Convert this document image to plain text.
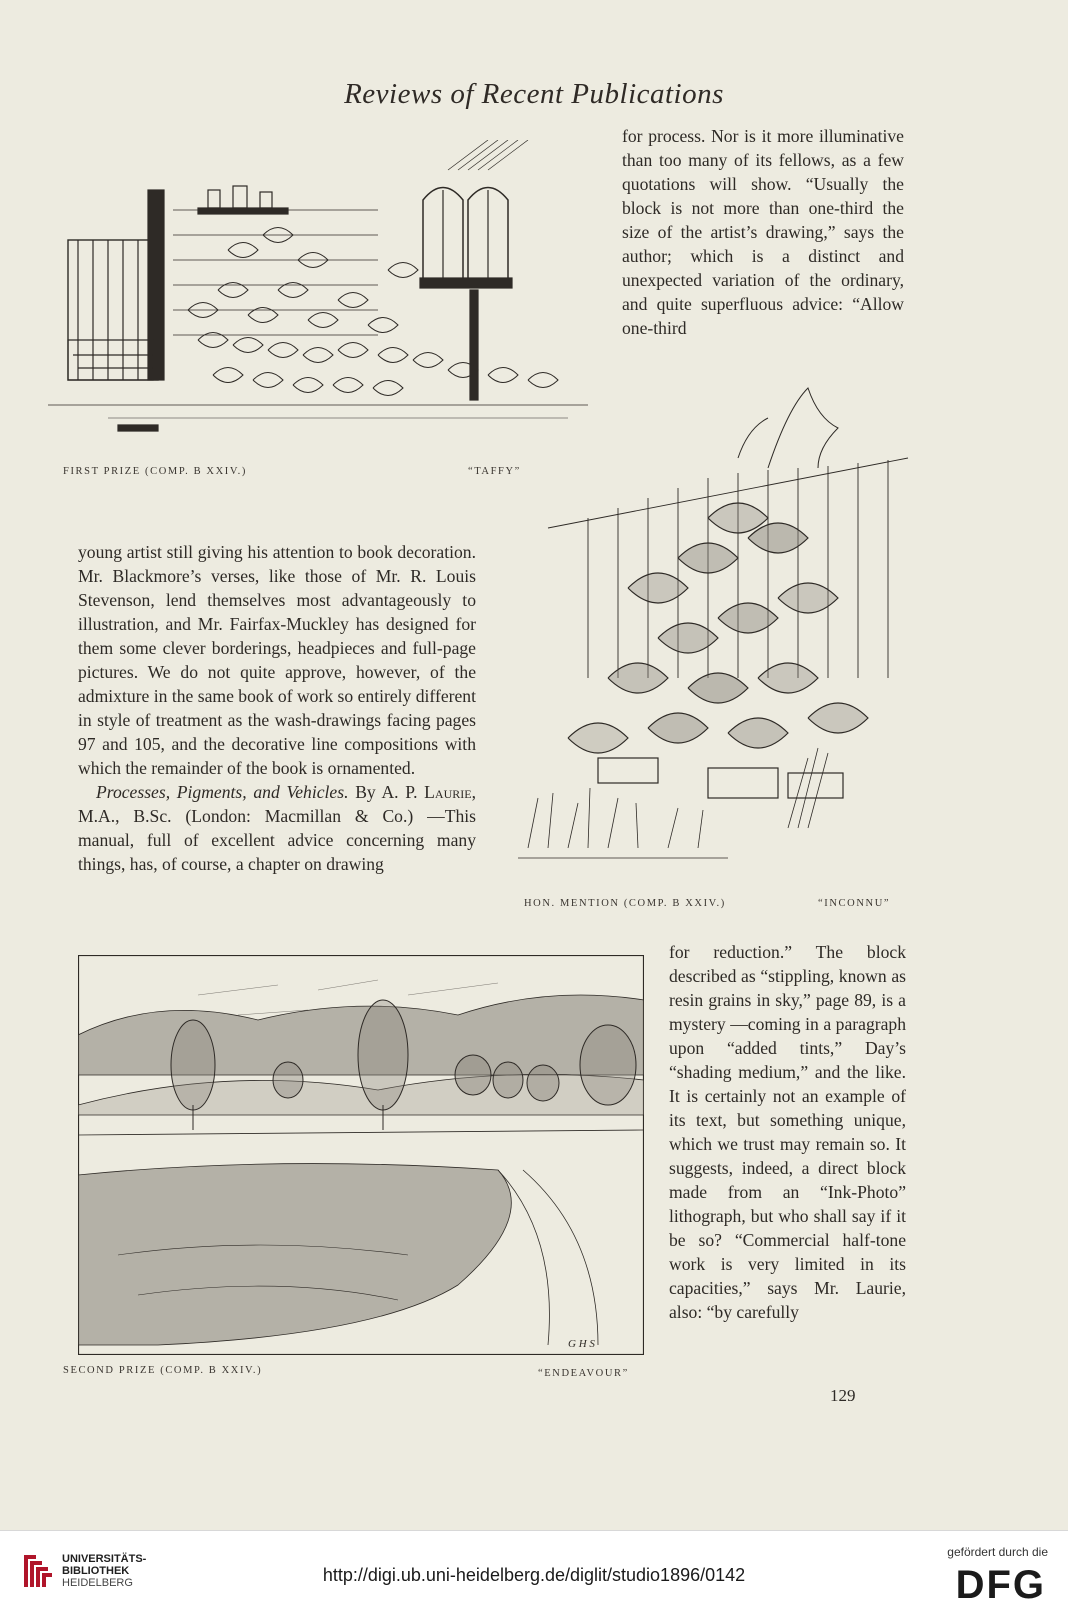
Reviews of Recent Publications
FIRST PRIZE (COMP. B XXIV.)	“TAFFY”

for process. Nor is it more illuminative than too many of its fellows, as a few quotations will show. “Usually the block is not more than one-third the size of the artist’s drawing,” says the author; which is a distinct and unexpected variation of the ordinary, and quite superfluous advice: “Allow one-third

young artist still giving his attention to book decoration. Mr. Blackmore’s verses, like those of Mr. R. Louis Stevenson, lend themselves most advantageously to illustration, and Mr. Fairfax-Muckley has designed for them some clever borderings, headpieces and full-page pictures. We do not quite approve, however, of the admixture in the same book of work so entirely different in style of treatment as the wash-drawings facing pages 97 and 105, and the decorative line compositions with which the remainder of the book is ornamented.

Processes, Pigments, and Vehicles. By A. P. Laurie, M.A., B.Sc. (London: Macmillan & Co.) —This manual, full of excellent advice concerning many things, has, of course, a chapter on drawing

HON. MENTION (COMP. B XXIV.)	“INCONNU”
G H S

for reduction.” The block described as “stippling, known as resin grains in sky,” page 89, is a mystery —coming in a paragraph upon “added tints,” Day’s “shading medium,” and the like. It is certainly not an example of its text, but something unique, which we trust may remain so. It suggests, indeed, a direct block made from an “Ink-Photo” lithograph, but who shall say if it be so? “Commercial half-tone work is very limited in its capacities,” says Mr. Laurie, also: “by carefully

SECOND PRIZE (COMP. B XXIV.)	“ENDEAVOUR”
129
UNIVERSITÄTS-
BIBLIOTHEK
HEIDELBERG	http://digi.ub.uni-heidelberg.de/diglit/studio1896/0142
gefördert durch die
DFG
